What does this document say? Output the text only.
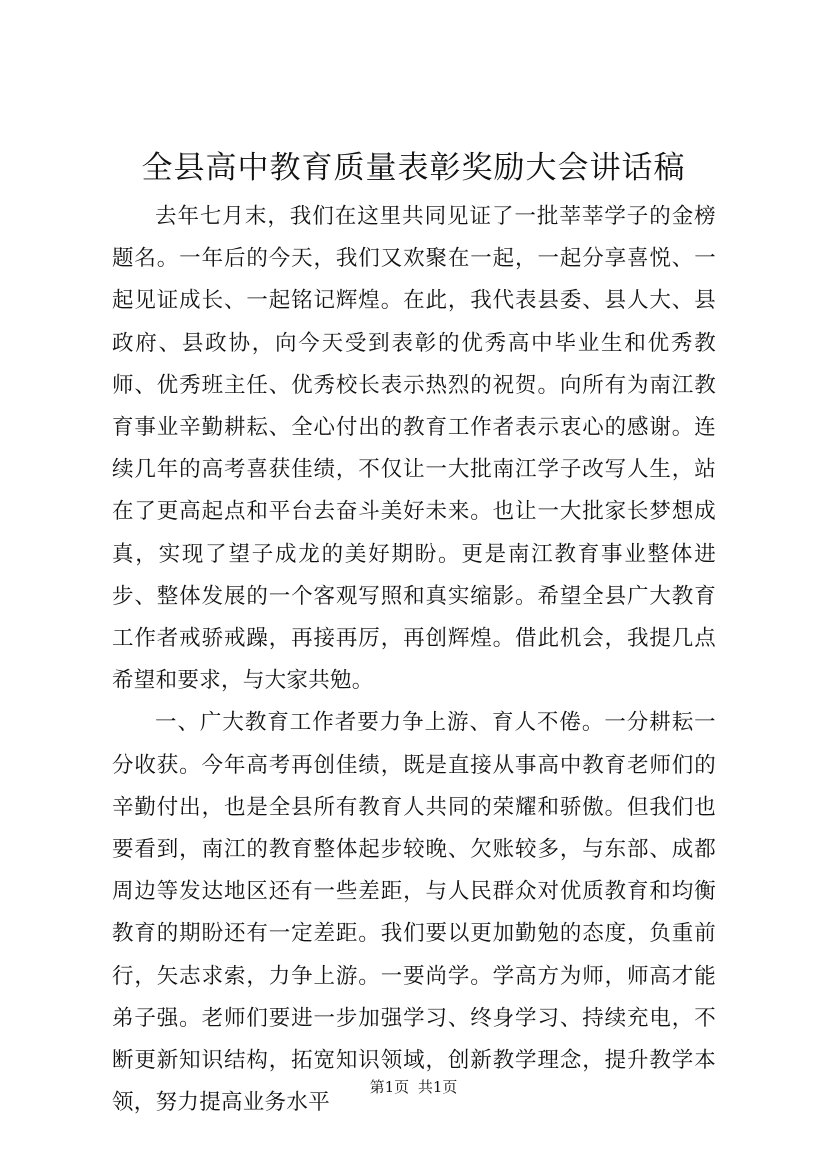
全县高中教育质量表彰奖励大会讲话稿

去年七月末，我们在这里共同见证了一批莘莘学子的金榜题名。一年后的今天，我们又欢聚在一起，一起分享喜悦、一起见证成长、一起铭记辉煌。在此，我代表县委、县人大、县政府、县政协，向今天受到表彰的优秀高中毕业生和优秀教师、优秀班主任、优秀校长表示热烈的祝贺。向所有为南江教育事业辛勤耕耘、全心付出的教育工作者表示衷心的感谢。连续几年的高考喜获佳绩，不仅让一大批南江学子改写人生，站在了更高起点和平台去奋斗美好未来。也让一大批家长梦想成真，实现了望子成龙的美好期盼。更是南江教育事业整体进步、整体发展的一个客观写照和真实缩影。希望全县广大教育工作者戒骄戒躁，再接再厉，再创辉煌。借此机会，我提几点希望和要求，与大家共勉。

一、广大教育工作者要力争上游、育人不倦。一分耕耘一分收获。今年高考再创佳绩，既是直接从事高中教育老师们的辛勤付出，也是全县所有教育人共同的荣耀和骄傲。但我们也要看到，南江的教育整体起步较晚、欠账较多，与东部、成都周边等发达地区还有一些差距，与人民群众对优质教育和均衡教育的期盼还有一定差距。我们要以更加勤勉的态度，负重前行，矢志求索，力争上游。一要尚学。学高方为师，师高才能弟子强。老师们要进一步加强学习、终身学习、持续充电，不断更新知识结构，拓宽知识领域，创新教学理念，提升教学本领，努力提高业务水平

第1页 共1页
